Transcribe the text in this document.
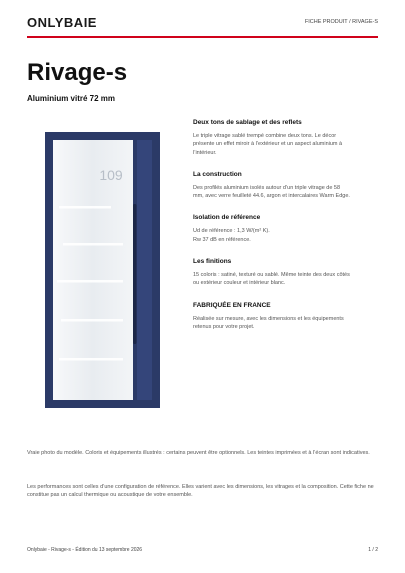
ONLYBAIE	FICHE PRODUIT / RIVAGE-S
Rivage-s
Aluminium vitré 72 mm
109

Deux tons de sablage et des reflets

Le triple vitrage sablé trempé combine deux tons. Le décor
présente un effet miroir à l’extérieur et un aspect aluminium à
l’intérieur.

La construction

Des profilés aluminium isolés autour d’un triple vitrage de 58
mm, avec verre feuilleté 44.6, argon et intercalaires Warm Edge.

Isolation de référence

Ud de référence : 1,3 W/(m² K).
Rw 37 dB en référence.

Les finitions

15 coloris : satiné, texturé ou sablé. Même teinte des deux côtés
ou extérieur couleur et intérieur blanc.

FABRIQUÉE EN FRANCE

Réalisée sur mesure, avec les dimensions et les équipements
retenus pour votre projet.

Vraie photo du modèle. Coloris et équipements illustrés : certains peuvent être optionnels. Les teintes imprimées et à l’écran sont indicatives.

Les performances sont celles d’une configuration de référence. Elles varient avec les dimensions, les vitrages et la composition. Cette fiche ne constitue pas un calcul thermique ou acoustique de votre ensemble.

Onlybaie - Rivage-s - Édition du 13 septembre 2026	1 / 2
